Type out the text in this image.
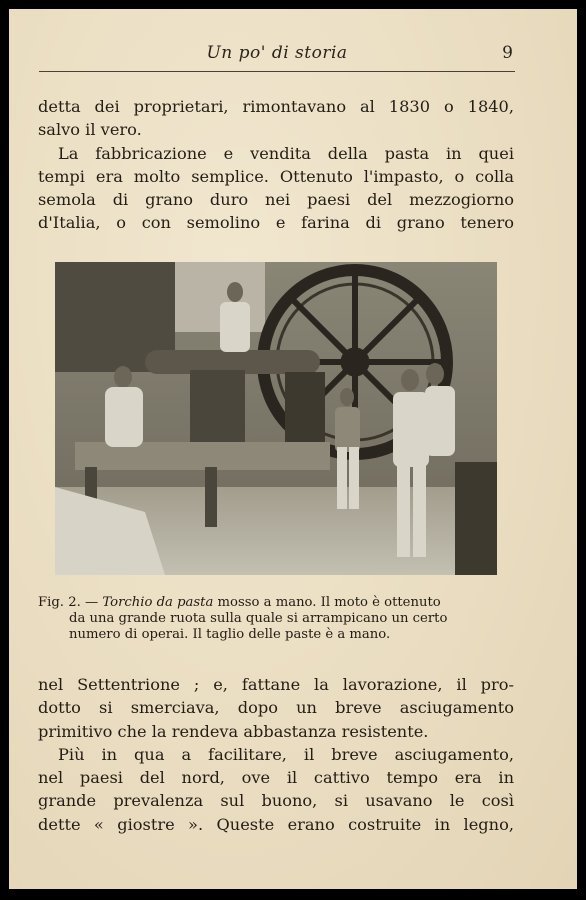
Un po' di storia	9

detta dei proprietari, rimontavano al 1830 o 1840,

salvo il vero.

La fabbricazione e vendita della pasta in quei

tempi era molto semplice. Ottenuto l'impasto, o colla

semola di grano duro nei paesi del mezzogiorno

d'Italia, o con semolino e farina di grano tenero

Fig. 2. — Torchio da pasta mosso a mano. Il moto è ottenuto
da una grande ruota sulla quale si arrampicano un certo
numero di operai. Il taglio delle paste è a mano.

nel Settentrione ; e, fattane la lavorazione, il pro-

dotto si smerciava, dopo un breve asciugamento

primitivo che la rendeva abbastanza resistente.

Più in qua a facilitare, il breve asciugamento,

nel paesi del nord, ove il cattivo tempo era in

grande prevalenza sul buono, si usavano le così

dette « giostre ». Queste erano costruite in legno,
